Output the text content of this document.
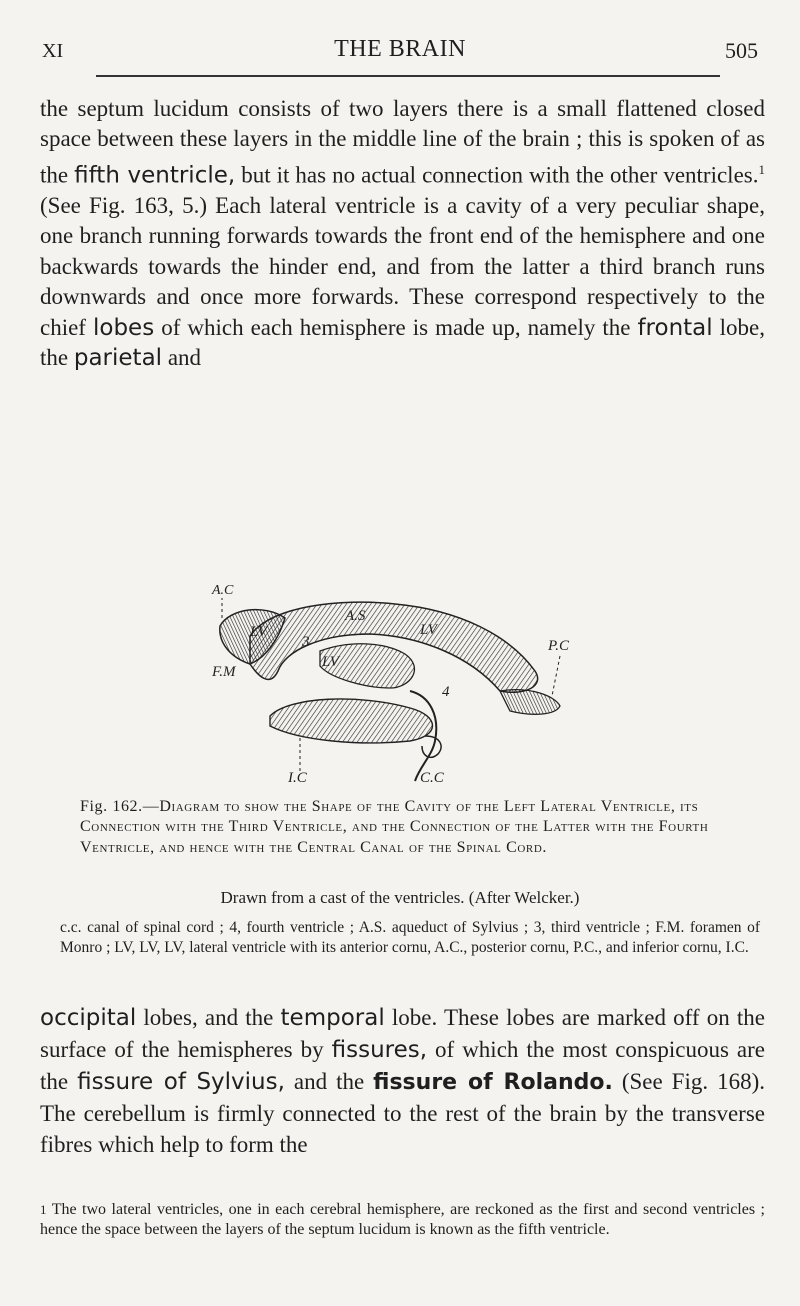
XI	THE BRAIN	505
the septum lucidum consists of two layers there is a small flattened closed space between these layers in the middle line of the brain ; this is spoken of as the fifth ventricle, but it has no actual connection with the other ventricles.$^1$ (See Fig. 163, 5.) Each lateral ventricle is a cavity of a very peculiar shape, one branch running forwards towards the front end of the hemisphere and one backwards towards the hinder end, and from the latter a third branch runs downwards and once more forwards. These correspond respectively to the chief lobes of which each hemisphere is made up, namely the frontal lobe, the parietal and
A.C
F.M
A.S
P.C
LV	LV
LV
3
4
I.C	C.C
Fig. 162.—Diagram to show the Shape of the Cavity of the Left Lateral Ventricle, its Connection with the Third Ventricle, and the Connection of the Latter with the Fourth Ventricle, and hence with the Central Canal of the Spinal Cord.
Drawn from a cast of the ventricles. (After Welcker.)
c.c. canal of spinal cord ; 4, fourth ventricle ; A.S. aqueduct of Sylvius ; 3, third ventricle ; F.M. foramen of Monro ; LV, LV, LV, lateral ventricle with its anterior cornu, A.C., posterior cornu, P.C., and inferior cornu, I.C.
occipital lobes, and the temporal lobe. These lobes are marked off on the surface of the hemispheres by fissures, of which the most conspicuous are the fissure of Sylvius, and the fissure of Rolando. (See Fig. 168). The cerebellum is firmly connected to the rest of the brain by the transverse fibres which help to form the
1 The two lateral ventricles, one in each cerebral hemisphere, are reckoned as the first and second ventricles ; hence the space between the layers of the septum lucidum is known as the fifth ventricle.
